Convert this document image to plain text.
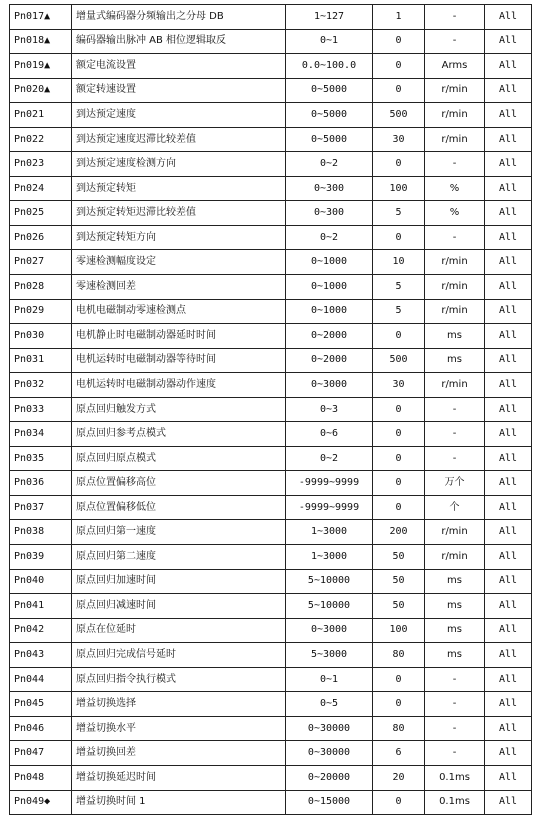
Pn017▲	增量式编码器分频输出之分母 DB	1~127	1	-	All
Pn018▲	编码器输出脉冲 AB 相位逻辑取反	0~1	0	-	All
Pn019▲	额定电流设置	0.0~100.0	0	Arms	All
Pn020▲	额定转速设置	0~5000	0	r/min	All
Pn021	到达预定速度	0~5000	500	r/min	All
Pn022	到达预定速度迟滞比较差值	0~5000	30	r/min	All
Pn023	到达预定速度检测方向	0~2	0	-	All
Pn024	到达预定转矩	0~300	100	%	All
Pn025	到达预定转矩迟滞比较差值	0~300	5	%	All
Pn026	到达预定转矩方向	0~2	0	-	All
Pn027	零速检测幅度设定	0~1000	10	r/min	All
Pn028	零速检测回差	0~1000	5	r/min	All
Pn029	电机电磁制动零速检测点	0~1000	5	r/min	All
Pn030	电机静止时电磁制动器延时时间	0~2000	0	ms	All
Pn031	电机运转时电磁制动器等待时间	0~2000	500	ms	All
Pn032	电机运转时电磁制动器动作速度	0~3000	30	r/min	All
Pn033	原点回归触发方式	0~3	0	-	All
Pn034	原点回归参考点模式	0~6	0	-	All
Pn035	原点回归原点模式	0~2	0	-	All
Pn036	原点位置偏移高位	-9999~9999	0	万个	All
Pn037	原点位置偏移低位	-9999~9999	0	个	All
Pn038	原点回归第一速度	1~3000	200	r/min	All
Pn039	原点回归第二速度	1~3000	50	r/min	All
Pn040	原点回归加速时间	5~10000	50	ms	All
Pn041	原点回归减速时间	5~10000	50	ms	All
Pn042	原点在位延时	0~3000	100	ms	All
Pn043	原点回归完成信号延时	5~3000	80	ms	All
Pn044	原点回归指令执行模式	0~1	0	-	All
Pn045	增益切换选择	0~5	0	-	All
Pn046	增益切换水平	0~30000	80	-	All
Pn047	增益切换回差	0~30000	6	-	All
Pn048	增益切换延迟时间	0~20000	20	0.1ms	All
Pn049◆	增益切换时间 1	0~15000	0	0.1ms	All
